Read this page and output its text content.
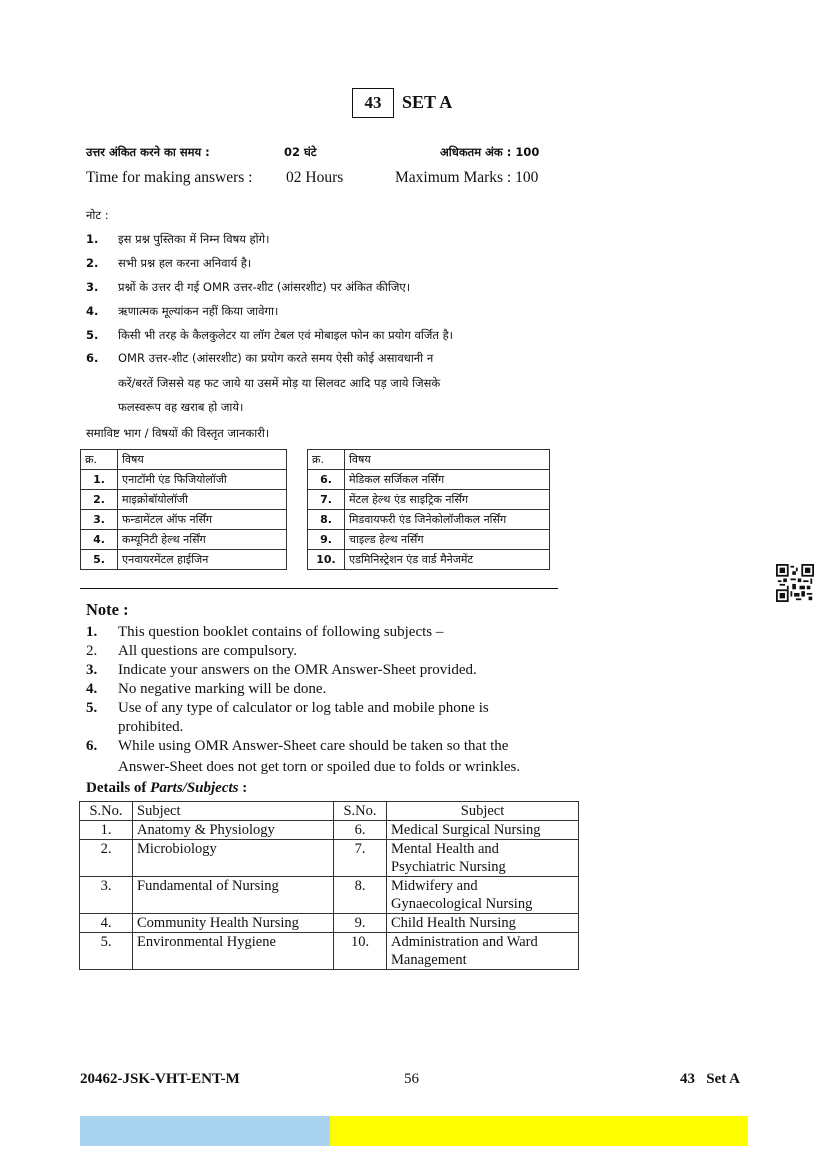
43	SET A
उत्तर अंकित करने का समय :	02 घंटे	अधिकतम अंक : 100
Time for making answers : 02 Hours	Maximum Marks : 100
नोट :
1. इस प्रश्न पुस्तिका में निम्न विषय होंगे।
2. सभी प्रश्न हल करना अनिवार्य है।
3. प्रश्नों के उत्तर दी गई OMR उत्तर-शीट (आंसरशीट) पर अंकित कीजिए।
4. ऋणात्मक मूल्यांकन नहीं किया जावेगा।
5. किसी भी तरह के कैलकुलेटर या लॉग टेबल एवं मोबाइल फोन का प्रयोग वर्जित है।
6. OMR उत्तर-शीट (आंसरशीट) का प्रयोग करते समय ऐसी कोई असावधानी न
करें/बरतें जिससे यह फट जाये या उसमें मोड़ या सिलवट आदि पड़ जाये जिसके
फलस्वरूप वह खराब हो जाये।
समाविष्ट भाग / विषयों की विस्तृत जानकारी।
क्र.	विषय		क्र.	विषय
1.	एनाटॉमी एंड फिजियोलॉजी		6.	मेडिकल सर्जिकल नर्सिंग
2.	माइक्रोबॉयोलॉजी		7.	मेंटल हेल्थ एंड साइट्रिक नर्सिंग
3.	फन्डामेंटल ऑफ नर्सिंग		8.	मिडवायफरी एंड जिनेकोलॉजीकल नर्सिंग
4.	कम्यूनिटी हेल्थ नर्सिंग		9.	चाइल्ड हेल्थ नर्सिंग
5.	एनवायरमेंटल हाईजिन		10.	एडमिनिस्ट्रेशन एंड वार्ड मैनेजमेंट
Note :
1. This question booklet contains of following subjects –
2. All questions are compulsory.
3. Indicate your answers on the OMR Answer-Sheet provided.
4. No negative marking will be done.
5. Use of any type of calculator or log table and mobile phone is
prohibited.
6. While using OMR Answer-Sheet care should be taken so that the
Answer-Sheet does not get torn or spoiled due to folds or wrinkles.
Details of Parts/Subjects :
S.No.	Subject	S.No.	Subject
1.	Anatomy & Physiology	6.	Medical Surgical Nursing

2.	Microbiology	7.	Mental Health and
Psychiatric Nursing

3.	Fundamental of Nursing	8.	Midwifery and
Gynaecological Nursing

4.	Community Health Nursing	9.	Child Health Nursing

5.	Environmental Hygiene	10.	Administration and Ward
Management
20462-JSK-VHT-ENT-M	56	43   Set A
